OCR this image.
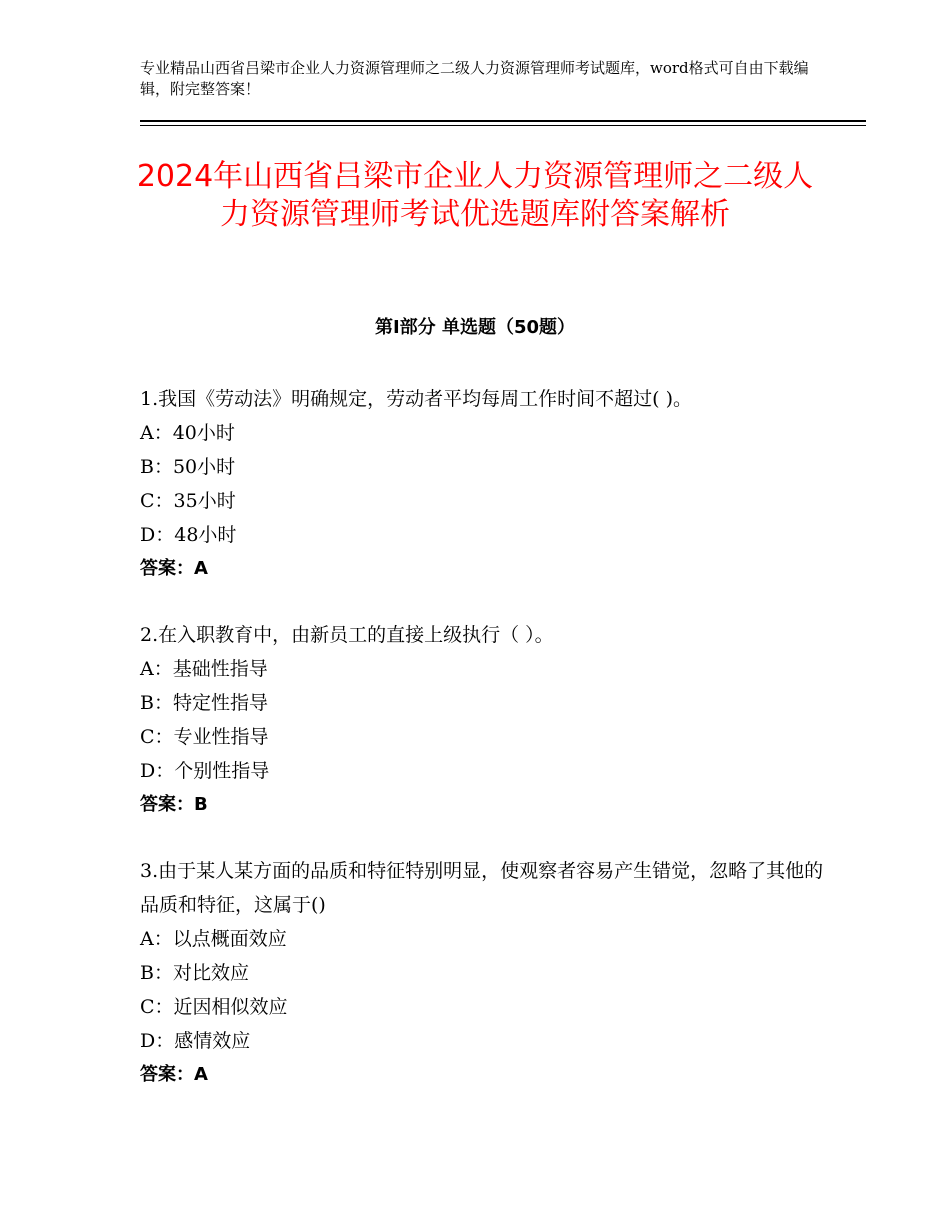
专业精品山西省吕梁市企业人力资源管理师之二级人力资源管理师考试题库，word格式可自由下载编辑，附完整答案！
2024年山西省吕梁市企业人力资源管理师之二级人力资源管理师考试优选题库附答案解析
第Ⅰ部分 单选题（50题）
1.我国《劳动法》明确规定，劳动者平均每周工作时间不超过( )。
A：40小时
B：50小时
C：35小时
D：48小时
答案：A
2.在入职教育中，由新员工的直接上级执行（ ）。
A：基础性指导
B：特定性指导
C：专业性指导
D：个别性指导
答案：B
3.由于某人某方面的品质和特征特别明显，使观察者容易产生错觉，忽略了其他的品质和特征，这属于()
A：以点概面效应
B：对比效应
C：近因相似效应
D：感情效应
答案：A
